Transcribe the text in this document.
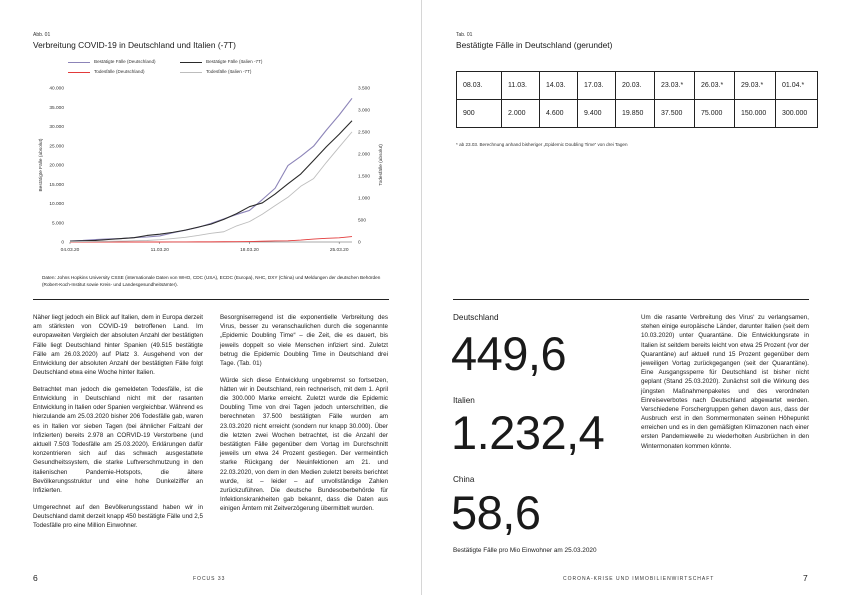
Abb. 01
Verbreitung COVID-19 in Deutschland und Italien (-7T)
Bestätigte Fälle (Deutschland)	Bestätigte Fälle (Italien -7T)
Todesfälle (Deutschland)	Todesfälle (Italien -7T)
0
5.000
10.000
15.000
20.000
25.000
30.000
35.000
40.000
0
500
1.000
1.500
2.000
2.500
3.000
3.500
04.03.20	11.03.20	18.03.20	25.03.20
Bestätigte Fälle (absolut)	Todesfälle (absolut)
Daten: Johns Hopkins University CSSE (internationale Daten von WHO, CDC (USA), ECDC (Europa), NHC, DXY (China) und Meldungen der deutschen Behörden (Robert-Koch-Institut sowie Kreis- und Landesgesundheitsämter).

Näher liegt jedoch ein Blick auf Italien, dem in Europa derzeit am stärksten von COVID-19 betroffenen Land. Im europaweiten Vergleich der absoluten Anzahl der bestätigten Fälle liegt Deutschland hinter Spanien (49.515 bestätigte Fälle am 26.03.2020) auf Platz 3. Ausgehend von der Entwicklung der absoluten Anzahl der bestätigten Fälle folgt Deutschland etwa eine Woche hinter Italien.

Betrachtet man jedoch die gemeldeten Todesfälle, ist die Entwicklung in Deutschland nicht mit der rasanten Entwicklung in Italien oder Spanien vergleichbar. Während es hierzulande am 25.03.2020 bisher 206 Todesfälle gab, waren es in Italien vor sieben Tagen (bei ähnlicher Fallzahl der Infizierten) bereits 2.978 an CORVID-19 Verstorbene (und aktuell 7.503 Todesfälle am 25.03.2020). Erklärungen dafür konzentrieren sich auf das schwach ausgestattete Gesundheitssystem, die starke Luftverschmutzung in den italienischen Pandemie-Hotspots, die ältere Bevölkerungsstruktur und eine hohe Dunkelziffer an Infizierten.

Umgerechnet auf den Bevölkerungsstand haben wir in Deutschland damit derzeit knapp 450 bestätigte Fälle und 2,5 Todesfälle pro eine Million Einwohner.

Besorgniserregend ist die exponentielle Verbreitung des Virus, besser zu veranschaulichen durch die sogenannte „Epidemic Doubling Time“ – die Zeit, die es dauert, bis jeweils doppelt so viele Menschen infiziert sind. Zuletzt betrug die Epidemic Doubling Time in Deutschland drei Tage. (Tab. 01)

Würde sich diese Entwicklung ungebremst so fortsetzen, hätten wir in Deutschland, rein rechnerisch, mit dem 1. April die 300.000 Marke erreicht. Zuletzt wurde die Epidemic Doubling Time von drei Tagen jedoch unterschritten, die berechneten 37.500 bestätigten Fälle wurden am 23.03.2020 nicht erreicht (sondern nur knapp 30.000). Über die letzten zwei Wochen betrachtet, ist die Anzahl der bestätigten Fälle gegenüber dem Vortag im Durchschnitt jeweils um etwa 24 Prozent gestiegen. Der vermeintlich starke Rückgang der Neuinfektionen am 21. und 22.03.2020, von dem in den Medien zuletzt bereits berichtet wurde, ist – leider – auf unvollständige Zahlen zurückzuführen. Die deutsche Bundesoberbehörde für Infektionskrankheiten gab bekannt, dass die Daten aus einigen Ämtern mit Zeitverzögerung übermittelt wurden.

6	FOCUS 33
Tab. 01
Bestätigte Fälle in Deutschland (gerundet)
08.03.	11.03.	14.03.	17.03.	20.03.	23.03.*	26.03.*	29.03.*	01.04.*
900	2.000	4.600	9.400	19.850	37.500	75.000	150.000	300.000
* ab 23.03. Berechnung anhand bisheriger „Epidemic Doubling Time“ von drei Tagen
Deutschland
449,6
Italien
1.232,4
China
58,6
Bestätigte Fälle pro Mio Einwohner am 25.03.2020

Um die rasante Verbreitung des Virus‘ zu verlangsamen, stehen einige europäische Länder, darunter Italien (seit dem 10.03.2020) unter Quarantäne. Die Entwicklungsrate in Italien ist seitdem bereits leicht von etwa 25 Prozent (vor der Quarantäne) auf aktuell rund 15 Prozent gegenüber dem jeweiligen Vortag zurückgegangen (seit der Quarantäne). Eine Ausgangssperre für Deutschland ist bisher nicht geplant (Stand 25.03.2020). Zunächst soll die Wirkung des jüngsten Maßnahmenpaketes und des verordneten Einreiseverbotes nach Deutschland abgewartet werden. Verschiedene Forschergruppen gehen davon aus, dass der Ausbruch erst in den Sommermonaten seinen Höhepunkt erreichen und es in den gemäßigten Klimazonen nach einer ersten Pandemiewelle zu wiederholten Ausbrüchen in den Wintermonaten kommen könnte.

CORONA-KRISE UND IMMOBILIENWIRTSCHAFT	7
